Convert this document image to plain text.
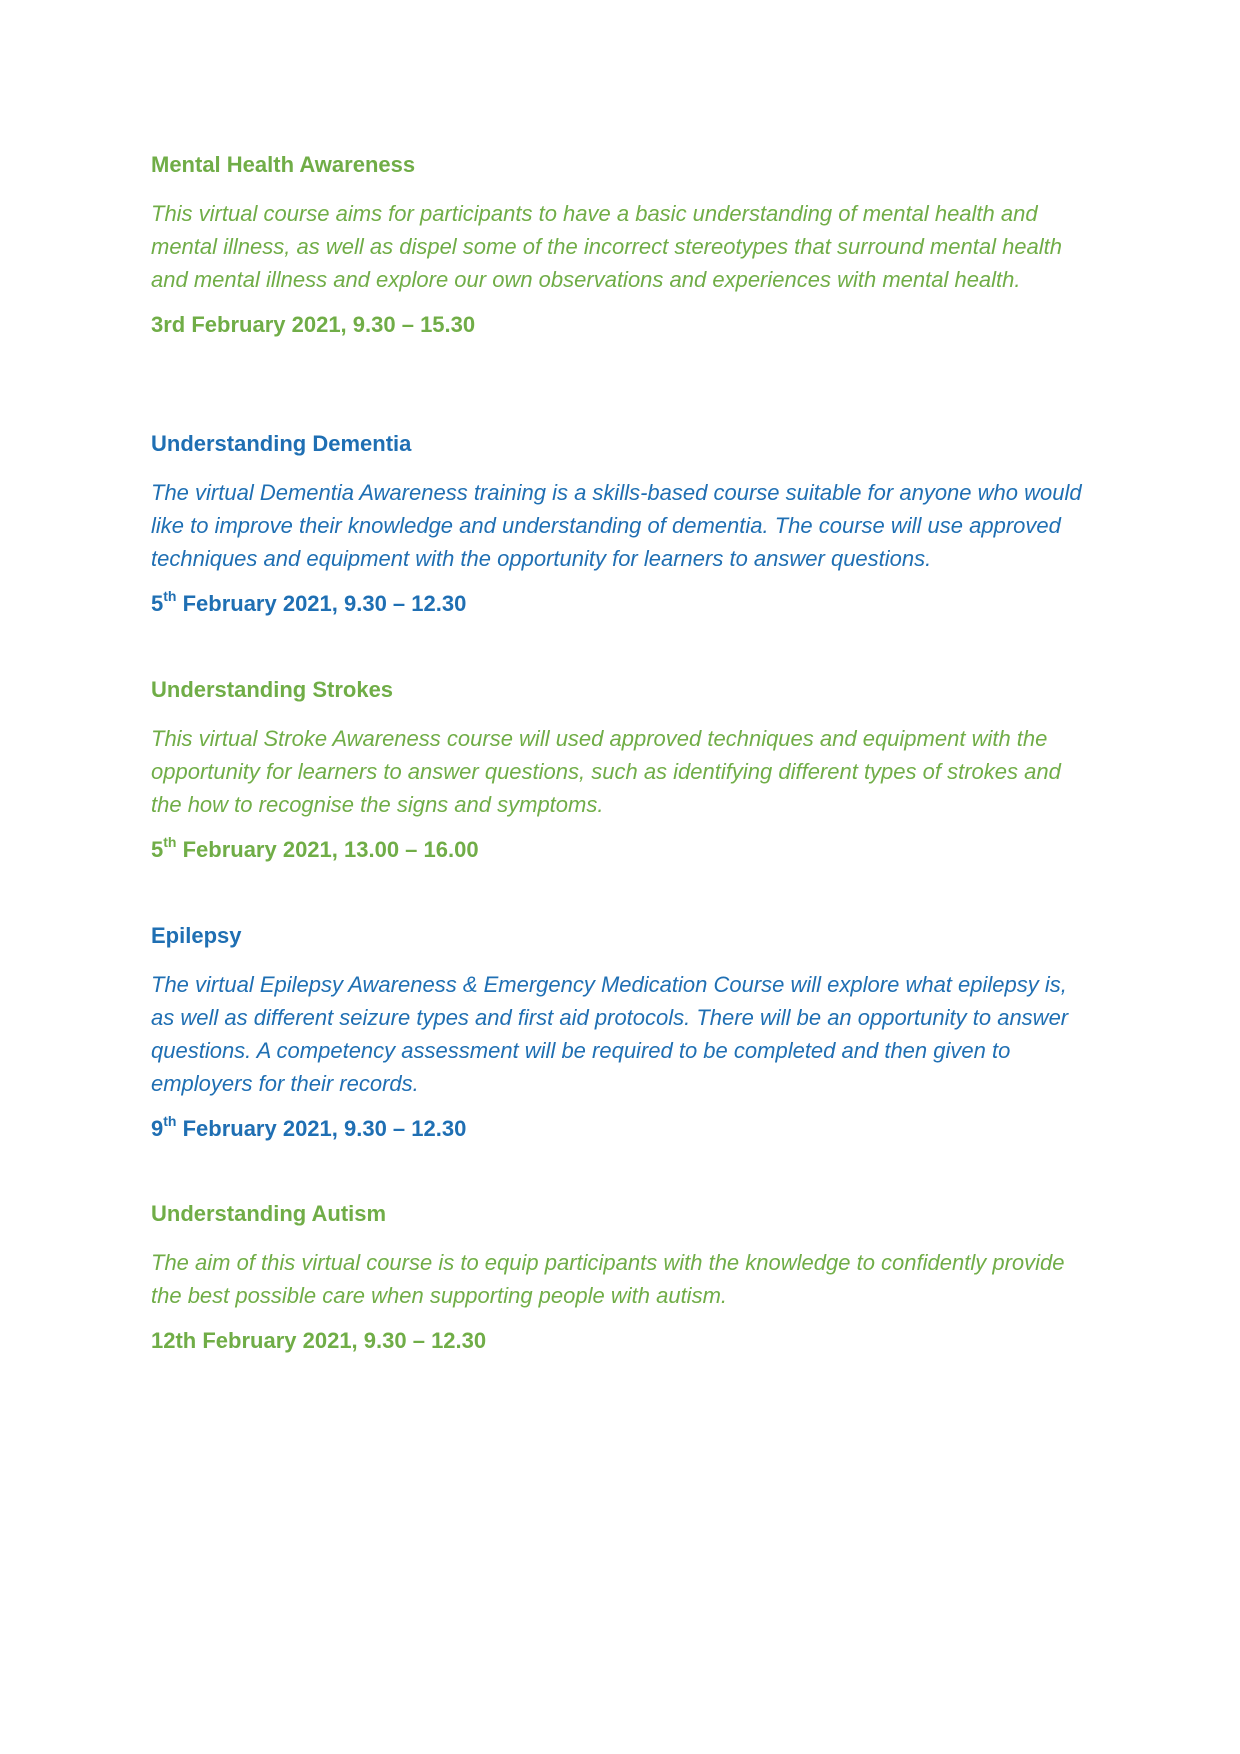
Mental Health Awareness

This virtual course aims for participants to have a basic understanding of mental health and mental illness, as well as dispel some of the incorrect stereotypes that surround mental health and mental illness and explore our own observations and experiences with mental health.

3rd February 2021, 9.30 – 15.30

Understanding Dementia

The virtual Dementia Awareness training is a skills-based course suitable for anyone who would like to improve their knowledge and understanding of dementia. The course will use approved techniques and equipment with the opportunity for learners to answer questions.

5th February 2021, 9.30 – 12.30

Understanding Strokes

This virtual Stroke Awareness course will used approved techniques and equipment with the opportunity for learners to answer questions, such as identifying different types of strokes and the how to recognise the signs and symptoms.

5th February 2021, 13.00 – 16.00

Epilepsy

The virtual Epilepsy Awareness & Emergency Medication Course will explore what epilepsy is, as well as different seizure types and first aid protocols. There will be an opportunity to answer questions. A competency assessment will be required to be completed and then given to employers for their records.

9th February 2021, 9.30 – 12.30

Understanding Autism

The aim of this virtual course is to equip participants with the knowledge to confidently provide the best possible care when supporting people with autism.

12th February 2021, 9.30 – 12.30
